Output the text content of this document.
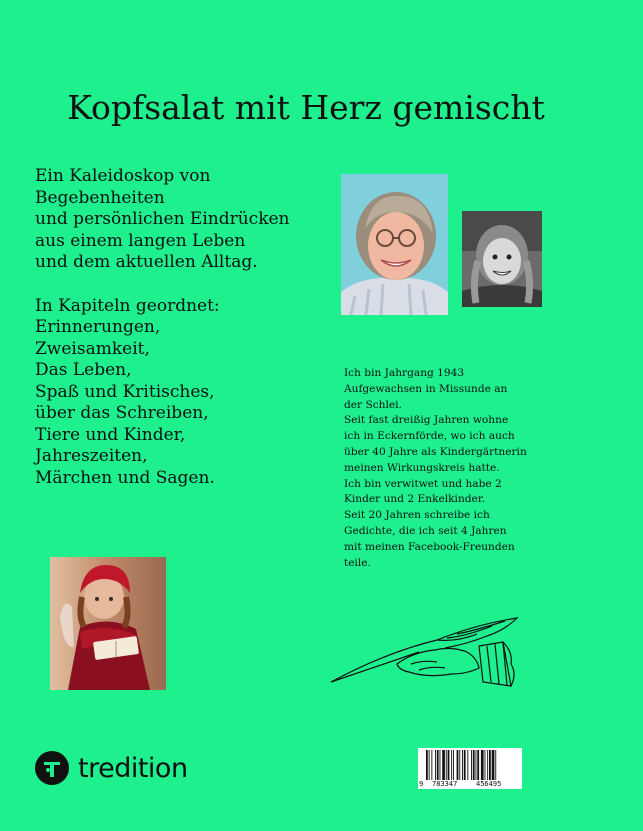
Kopfsalat mit Herz gemischt
Ein Kaleidoskop von
Begebenheiten
und persönlichen Eindrücken
aus einem langen Leben
und dem aktuellen Alltag.
In Kapiteln geordnet:
Erinnerungen,
Zweisamkeit,
Das Leben,
Spaß und Kritisches,
über das Schreiben,
Tiere und Kinder,
Jahreszeiten,
Märchen und Sagen.
Ich bin Jahrgang 1943
Aufgewachsen in Missunde an
der Schlei.
Seit fast dreißig Jahren wohne
ich in Eckernförde, wo ich auch
über 40 Jahre als Kindergärtnerin
meinen Wirkungskreis hatte.
Ich bin verwitwet und habe 2
Kinder und 2 Enkelkinder.
Seit 20 Jahren schreibe ich
Gedichte, die ich seit 4 Jahren
mit meinen Facebook-Freunden
teile.
tredition
9 783347	456495
